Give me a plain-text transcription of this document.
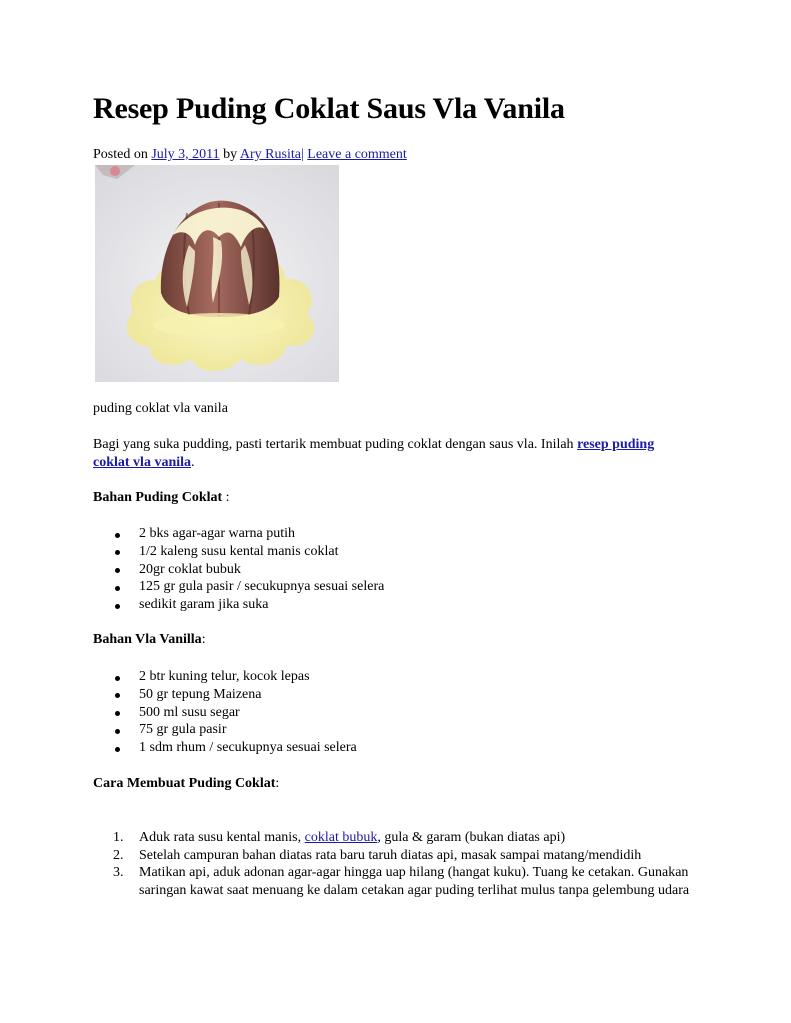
Resep Puding Coklat Saus Vla Vanila
Posted on July 3, 2011 by Ary Rusita| Leave a comment
puding coklat vla vanila

Bagi yang suka pudding, pasti tertarik membuat puding coklat dengan saus vla. Inilah resep puding coklat vla vanila.

Bahan Puding Coklat :
2 bks agar-agar warna putih
1/2 kaleng susu kental manis coklat
20gr coklat bubuk
125 gr gula pasir / secukupnya sesuai selera
sedikit garam jika suka
Bahan Vla Vanilla:
2 btr kuning telur, kocok lepas
50 gr tepung Maizena
500 ml susu segar
75 gr gula pasir
1 sdm rhum / secukupnya sesuai selera
Cara Membuat Puding Coklat:
1. Aduk rata susu kental manis, coklat bubuk, gula & garam (bukan diatas api)
2. Setelah campuran bahan diatas rata baru taruh diatas api, masak sampai matang/mendidih
3. Matikan api, aduk adonan agar-agar hingga uap hilang (hangat kuku). Tuang ke cetakan. Gunakan saringan kawat saat menuang ke dalam cetakan agar puding terlihat mulus tanpa gelembung udara
